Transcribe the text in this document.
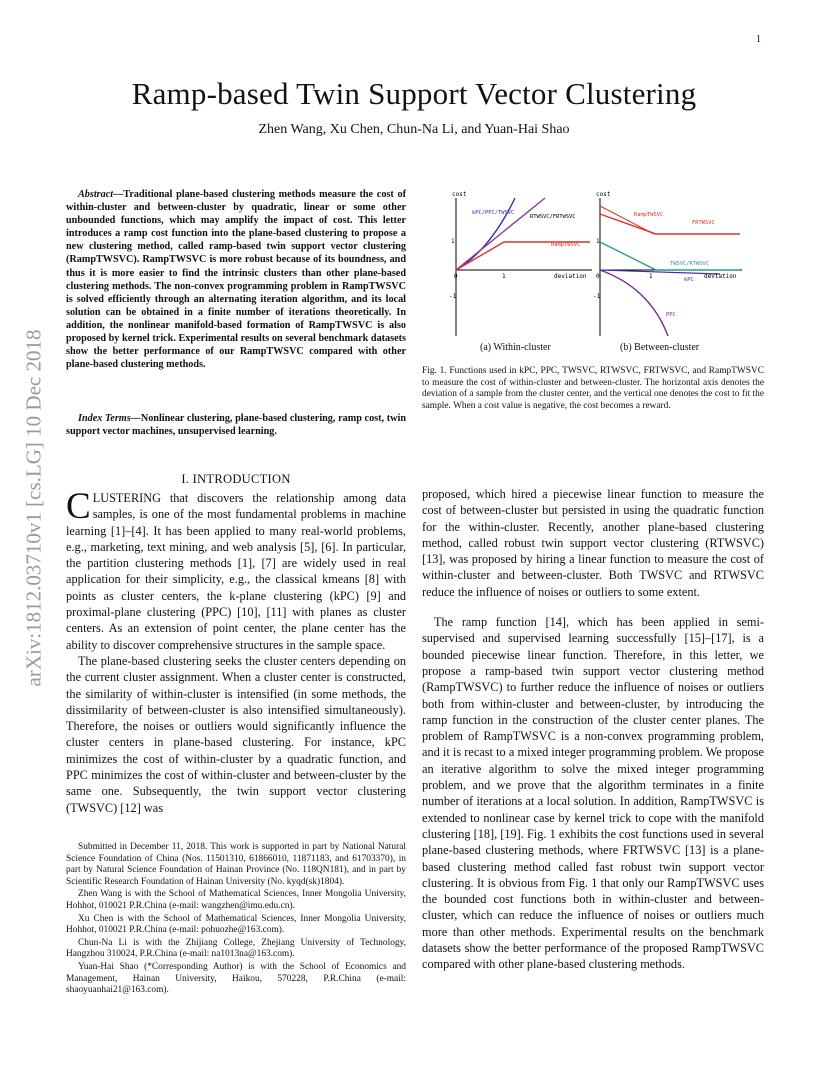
1
Ramp-based Twin Support Vector Clustering
Zhen Wang, Xu Chen, Chun-Na Li, and Yuan-Hai Shao
arXiv:1812.03710v1 [cs.LG] 10 Dec 2018
Abstract—Traditional plane-based clustering methods measure the cost of within-cluster and between-cluster by quadratic, linear or some other unbounded functions, which may amplify the impact of cost. This letter introduces a ramp cost function into the plane-based clustering to propose a new clustering method, called ramp-based twin support vector clustering (RampTWSVC). RampTWSVC is more robust because of its boundness, and thus it is more easier to find the intrinsic clusters than other plane-based clustering methods. The non-convex programming problem in RampTWSVC is solved efficiently through an alternating iteration algorithm, and its local solution can be obtained in a finite number of iterations theoretically. In addition, the nonlinear manifold-based formation of RampTWSVC is also proposed by kernel trick. Experimental results on several benchmark datasets show the better performance of our RampTWSVC compared with other plane-based clustering methods.
Index Terms—Nonlinear clustering, plane-based clustering, ramp cost, twin support vector machines, unsupervised learning.
cost
deviation
0	1
1
-1
kPC/PPC/TWSVC
RTWSVC/FRTWSVC
RampTWSVC
cost
deviation
0	1
1
-1
RampTWSVC
FRTWSVC
TWSVC/RTWSVC
kPC
PPC
(a) Within-cluster	(b) Between-cluster
Fig. 1. Functions used in kPC, PPC, TWSVC, RTWSVC, FRTWSVC, and RampTWSVC to measure the cost of within-cluster and between-cluster. The horizontal axis denotes the deviation of a sample from the cluster center, and the vertical one denotes the cost to fit the sample. When a cost value is negative, the cost becomes a reward.
I. INTRODUCTION

CLUSTERING that discovers the relationship among data samples, is one of the most fundamental problems in machine learning [1]–[4]. It has been applied to many real-world problems, e.g., marketing, text mining, and web analysis [5], [6]. In particular, the partition clustering methods [1], [7] are widely used in real application for their simplicity, e.g., the classical kmeans [8] with points as cluster centers, the k-plane clustering (kPC) [9] and proximal-plane clustering (PPC) [10], [11] with planes as cluster centers. As an extension of point center, the plane center has the ability to discover comprehensive structures in the sample space.

The plane-based clustering seeks the cluster centers depending on the current cluster assignment. When a cluster center is constructed, the similarity of within-cluster is intensified (in some methods, the dissimilarity of between-cluster is also intensified simultaneously). Therefore, the noises or outliers would significantly influence the cluster centers in plane-based clustering. For instance, kPC minimizes the cost of within-cluster by a quadratic function, and PPC minimizes the cost of within-cluster and between-cluster by the same one. Subsequently, the twin support vector clustering (TWSVC) [12] was

Submitted in December 11, 2018. This work is supported in part by National Natural Science Foundation of China (Nos. 11501310, 61866010, 11871183, and 61703370), in part by Natural Science Foundation of Hainan Province (No. 118QN181), and in part by Scientific Research Foundation of Hainan University (No. kyqd(sk)1804).

Zhen Wang is with the School of Mathematical Sciences, Inner Mongolia University, Hohhot, 010021 P.R.China (e-mail: wangzhen@imu.edu.cn).

Xu Chen is with the School of Mathematical Sciences, Inner Mongolia University, Hohhot, 010021 P.R.China (e-mail: pohuozhe@163.com).

Chun-Na Li is with the Zhijiang College, Zhejiang University of Technology, Hangzhou 310024, P.R.China (e-mail: na1013na@163.com).

Yuan-Hai Shao (*Corresponding Author) is with the School of Economics and Management, Hainan University, Haikou, 570228, P.R.China (e-mail: shaoyuanhai21@163.com).

proposed, which hired a piecewise linear function to measure the cost of between-cluster but persisted in using the quadratic function for the within-cluster. Recently, another plane-based clustering method, called robust twin support vector clustering (RTWSVC) [13], was proposed by hiring a linear function to measure the cost of within-cluster and between-cluster. Both TWSVC and RTWSVC reduce the influence of noises or outliers to some extent.

The ramp function [14], which has been applied in semi-supervised and supervised learning successfully [15]–[17], is a bounded piecewise linear function. Therefore, in this letter, we propose a ramp-based twin support vector clustering method (RampTWSVC) to further reduce the influence of noises or outliers both from within-cluster and between-cluster, by introducing the ramp function in the construction of the cluster center planes. The problem of RampTWSVC is a non-convex programming problem, and it is recast to a mixed integer programming problem. We propose an iterative algorithm to solve the mixed integer programming problem, and we prove that the algorithm terminates in a finite number of iterations at a local solution. In addition, RampTWSVC is extended to nonlinear case by kernel trick to cope with the manifold clustering [18], [19]. Fig. 1 exhibits the cost functions used in several plane-based clustering methods, where FRTWSVC [13] is a plane-based clustering method called fast robust twin support vector clustering. It is obvious from Fig. 1 that only our RampTWSVC uses the bounded cost functions both in within-cluster and between-cluster, which can reduce the influence of noises or outliers much more than other methods. Experimental results on the benchmark datasets show the better performance of the proposed RampTWSVC compared with other plane-based clustering methods.
